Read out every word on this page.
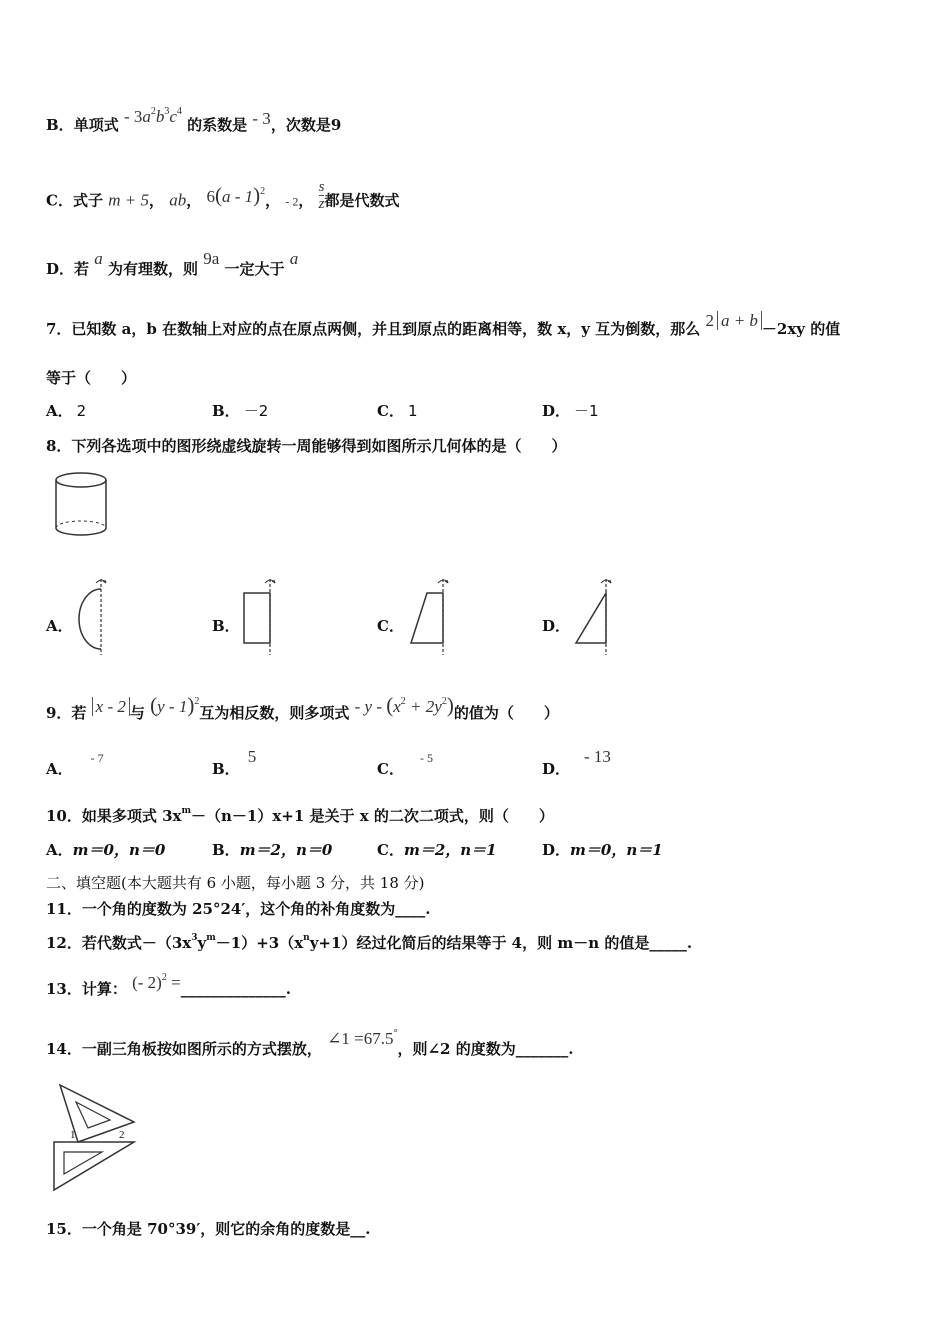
B．单项式 - $3a^2b^3c^4$ 的系数是 - 3，次数是9
C．式子 m + 5， ab， 6(a - 1)$^2$， - 2， $\frac{s}{z}$ 都是代数式
D．若 a 为有理数，则 9a 一定大于 a
7．已知数 a，b 在数轴上对应的点在原点两侧，并且到原点的距离相等，数 x，y 互为倒数，那么 2 a + b －2xy 的值
等于（　　）
A． 2	B． －2	C． 1	D． －1
8．下列各选项中的图形绕虚线旋转一周能够得到如图所示几何体的是（　　）
A．	B．	C．	D．
9．若 x - 2 与 (y - 1)$^2$互为相反数，则多项式 - $y - (x^2 + 2y^2)$的值为（　　）
A．$^{- 7}$
B．5
C．$^{- 5}$
D．- 13
10．如果多项式 $3x^m-(n-1)x+1$ 是关于 x 的二次二项式，则（　　）
A．m＝0，n＝0	B．m＝2，n＝0	C．m＝2，n＝1	D．m＝0，n＝1
二、填空题(本大题共有 6 小题，每小题 3 分，共 18 分)
11．一个角的度数为 25°24′，这个角的补角度数为____.
12．若代数式$-(3x^3y^m-1)+3(x^ny+1)$经过化简后的结果等于 4，则 m－n 的值是_____.
13．计算： (- 2)$^2$ =______________.
14．一副三角板按如图所示的方式摆放， ∠1 =67.5°，则∠2 的度数为_______.
1	2
15．一个角是 70°39′，则它的余角的度数是__.
